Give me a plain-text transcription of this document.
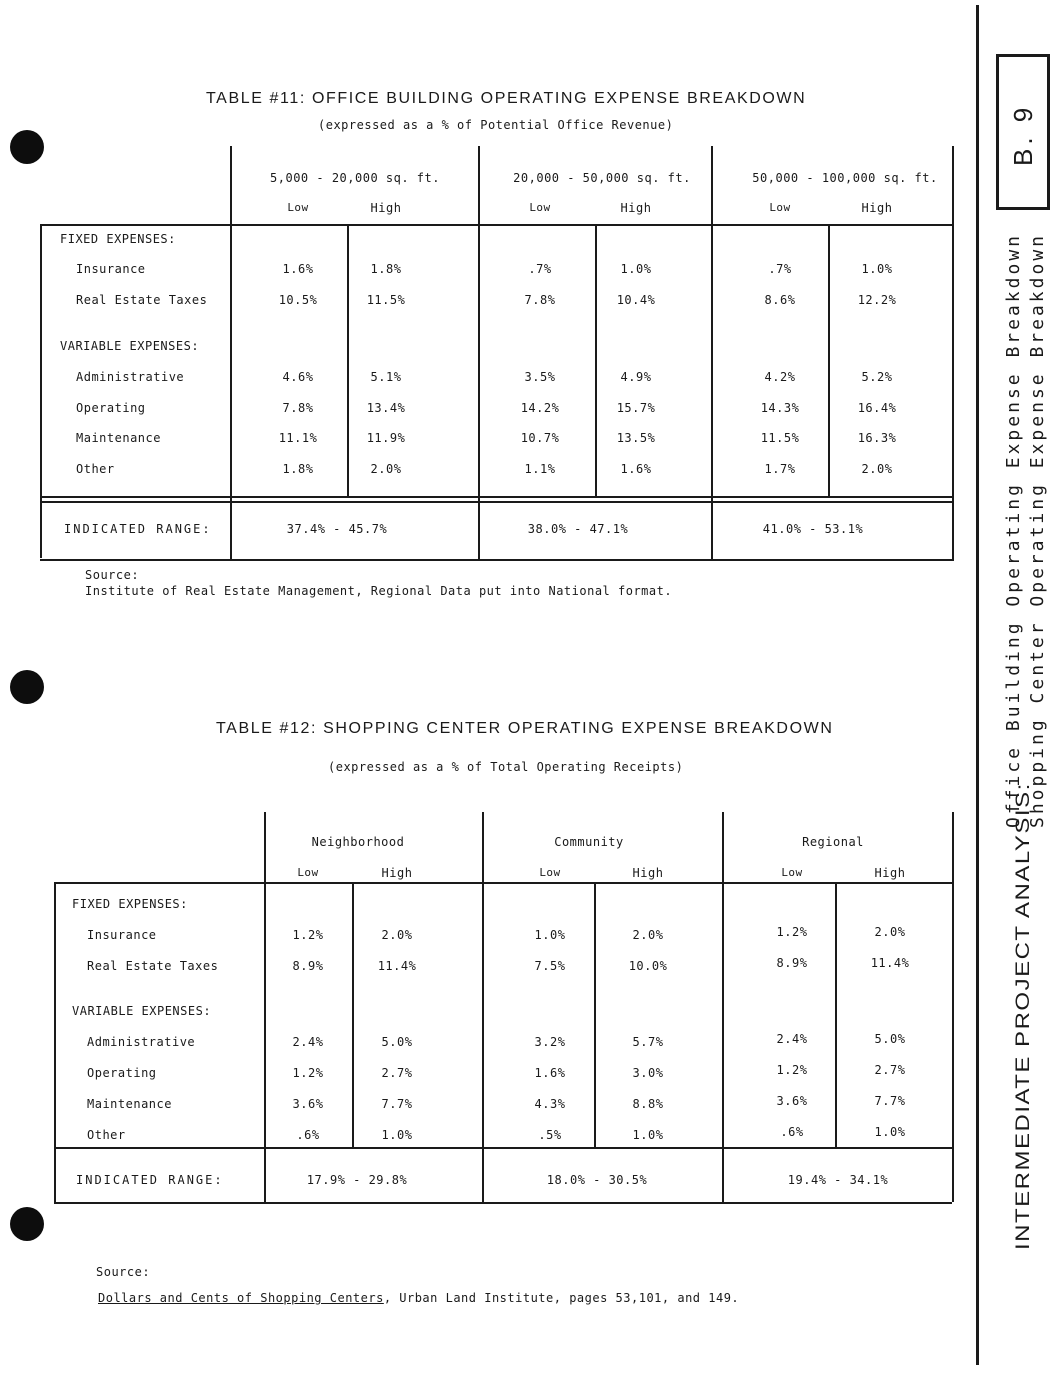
B. 9
Office Building Operating Expense Breakdown Shopping Center Operating Expense Breakdown
INTERMEDIATE PROJECT ANALYSIS:
TABLE #11: OFFICE BUILDING OPERATING EXPENSE BREAKDOWN
(expressed as a % of Potential Office Revenue)
5,000 - 20,000 sq. ft.
Low	High
20,000 - 50,000 sq. ft.
Low	High
50,000 - 100,000 sq. ft.
Low	High
FIXED EXPENSES:
VARIABLE EXPENSES:
Insurance	1.6%	1.8%	.7%	1.0%	.7%	1.0%
Real Estate Taxes	10.5%	11.5%	7.8%	10.4%	8.6%	12.2%
Administrative	4.6%	5.1%	3.5%	4.9%	4.2%	5.2%
Operating	7.8%	13.4%	14.2%	15.7%	14.3%	16.4%
Maintenance	11.1%	11.9%	10.7%	13.5%	11.5%	16.3%
Other	1.8%	2.0%	1.1%	1.6%	1.7%	2.0%
INDICATED RANGE:	37.4% - 45.7%	38.0% - 47.1%	41.0% - 53.1%
Source:
Institute of Real Estate Management, Regional Data put into National format.
TABLE #12: SHOPPING CENTER OPERATING EXPENSE BREAKDOWN
(expressed as a % of Total Operating Receipts)
Neighborhood
Low	High
Community
Low	High
Regional
Low	High
FIXED EXPENSES:
VARIABLE EXPENSES:
Insurance	1.2%	2.0%	1.0%	2.0%	1.2%	2.0%
Real Estate Taxes	8.9%	11.4%	7.5%	10.0%	8.9%	11.4%
Administrative	2.4%	5.0%	3.2%	5.7%	2.4%	5.0%
Operating	1.2%	2.7%	1.6%	3.0%	1.2%	2.7%
Maintenance	3.6%	7.7%	4.3%	8.8%	3.6%	7.7%
Other	.6%	1.0%	.5%	1.0%	.6%	1.0%
INDICATED RANGE:	17.9% - 29.8%	18.0% - 30.5%	19.4% - 34.1%
Source:
Dollars and Cents of Shopping Centers, Urban Land Institute, pages 53,101, and 149.
